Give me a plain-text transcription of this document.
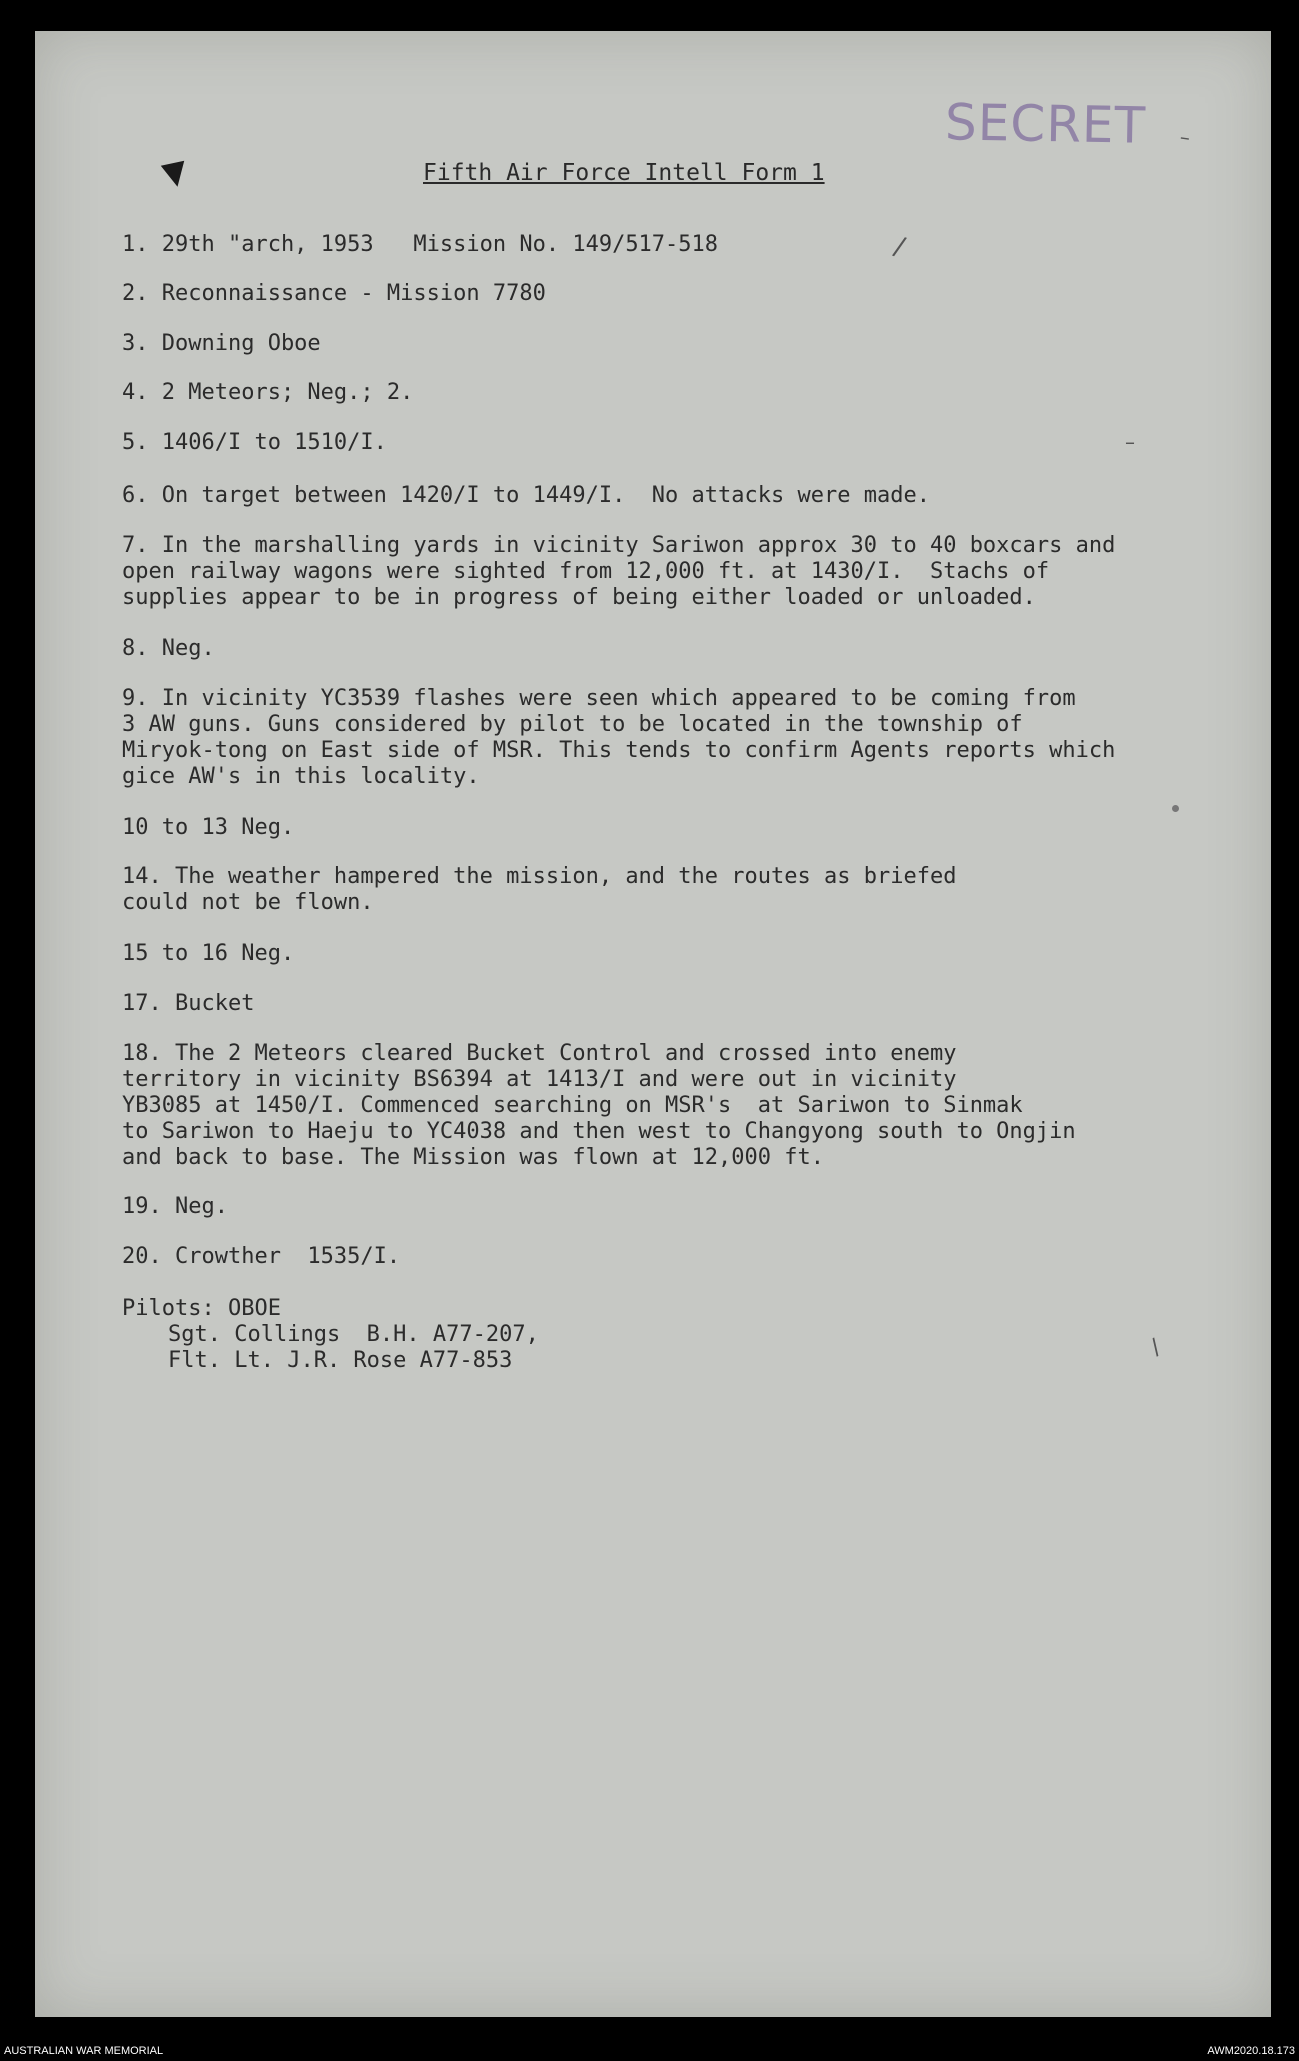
SECRET
/
–
–
/
Fifth Air Force Intell Form 1
1. 29th "arch, 1953   Mission No. 149/517-518
2. Reconnaissance - Mission 7780
3. Downing Oboe
4. 2 Meteors; Neg.; 2.
5. 1406/I to 1510/I.
6. On target between 1420/I to 1449/I.  No attacks were made.
7. In the marshalling yards in vicinity Sariwon approx 30 to 40 boxcars and
open railway wagons were sighted from 12,000 ft. at 1430/I.  Stachs of
supplies appear to be in progress of being either loaded or unloaded.
8. Neg.
9. In vicinity YC3539 flashes were seen which appeared to be coming from
3 AW guns. Guns considered by pilot to be located in the township of
Miryok-tong on East side of MSR. This tends to confirm Agents reports which
gice AW's in this locality.
10 to 13 Neg.
14. The weather hampered the mission, and the routes as briefed
could not be flown.
15 to 16 Neg.
17. Bucket
18. The 2 Meteors cleared Bucket Control and crossed into enemy
territory in vicinity BS6394 at 1413/I and were out in vicinity
YB3085 at 1450/I. Commenced searching on MSR's  at Sariwon to Sinmak
to Sariwon to Haeju to YC4038 and then west to Changyong south to Ongjin
and back to base. The Mission was flown at 12,000 ft.
19. Neg.
20. Crowther  1535/I.
Pilots: OBOE
Sgt. Collings  B.H. A77-207,
Flt. Lt. J.R. Rose A77-853
AUSTRALIAN WAR MEMORIAL	AWM2020.18.173
